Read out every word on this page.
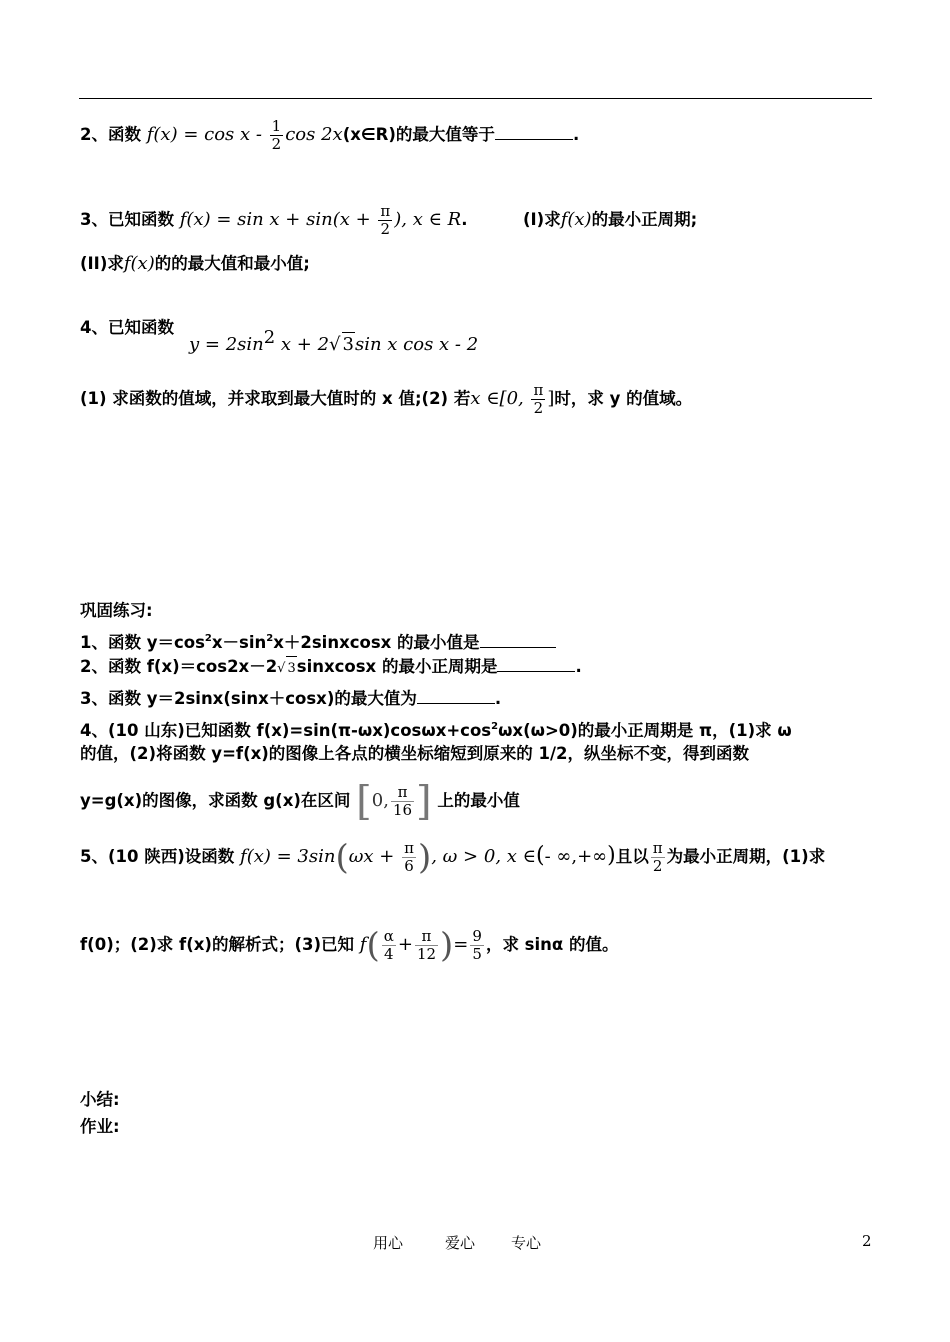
2、函数 $f(x) = \cos x - \frac{1}{2}$ cos 2x(x∈R)的最大值等于	.
3、已知函数 $f(x) = \sin x + \sin(x + \frac{\pi}{2}$ ), x ∈ R.	(I)求f(x)的最小正周期;
(II)求f(x)的的最大值和最小值;
4、已知函数
$y = 2\sin^2$ x + 2√ 3sin x cos x - 2
(1) 求函数的值域，并求取到最大值时的 x 值;(2) 若x ∈[0, $\frac{\pi}{2}$ ]时，求 y 的值域。
巩固练习:
1、函数 $y=\cos^2x-\sin^2x+2sinxcosx$ 的最小值是
2、函数 f(x)＝cos2x－2√ 3sinxcosx 的最小正周期是	.
3、函数 y＝2sinx(sinx＋cosx)的最大值为	.
4、(10 山东)已知函数 $f(x)=\sin(\pi-\omega x)\cos\omega x+\cos^2\omega x(\omega>0)$的最小正周期是 π，(1)求 ω
的值，(2)将函数 y=f(x)的图像上各点的横坐标缩短到原来的 1/2，纵坐标不变，得到函数
y=g(x)的图像，求函数 g(x)在区间 [0, $\frac{\pi}{16}$ ] 上的最小值
5、(10 陕西)设函数 $f(x) = 3\sin(\omega x + \frac{\pi}{6}$ ), ω > 0, x ∈(- ∞,+∞)且以 $\frac{\pi}{2}$ 为最小正周期，(1)求
f(0)；(2)求 f(x)的解析式；(3)已知 $f( \frac{\alpha}{4} + \frac{\pi}{12}$ )= $\frac{9}{5}$ ，求 sinα 的值。
小结:
作业:
用心	爱心 专心	2
